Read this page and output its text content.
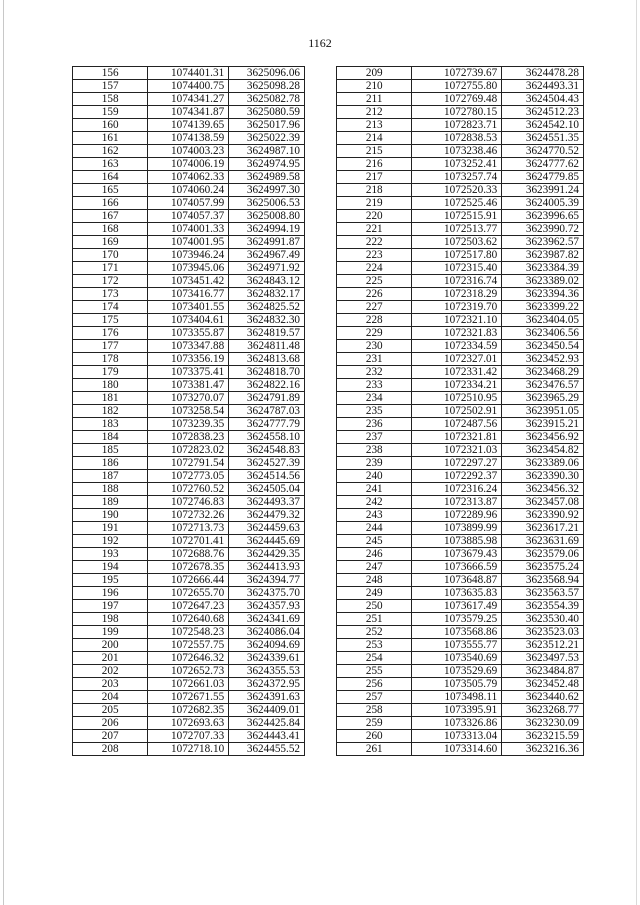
1162
156	1074401.31	3625096.06
157	1074400.75	3625098.28
158	1074341.27	3625082.78
159	1074341.87	3625080.59
160	1074139.65	3625017.96
161	1074138.59	3625022.39
162	1074003.23	3624987.10
163	1074006.19	3624974.95
164	1074062.33	3624989.58
165	1074060.24	3624997.30
166	1074057.99	3625006.53
167	1074057.37	3625008.80
168	1074001.33	3624994.19
169	1074001.95	3624991.87
170	1073946.24	3624967.49
171	1073945.06	3624971.92
172	1073451.42	3624843.12
173	1073416.77	3624832.17
174	1073401.55	3624825.52
175	1073404.61	3624832.30
176	1073355.87	3624819.57
177	1073347.88	3624811.48
178	1073356.19	3624813.68
179	1073375.41	3624818.70
180	1073381.47	3624822.16
181	1073270.07	3624791.89
182	1073258.54	3624787.03
183	1073239.35	3624777.79
184	1072838.23	3624558.10
185	1072823.02	3624548.83
186	1072791.54	3624527.39
187	1072773.05	3624514.56
188	1072760.52	3624505.04
189	1072746.83	3624493.37
190	1072732.26	3624479.32
191	1072713.73	3624459.63
192	1072701.41	3624445.69
193	1072688.76	3624429.35
194	1072678.35	3624413.93
195	1072666.44	3624394.77
196	1072655.70	3624375.70
197	1072647.23	3624357.93
198	1072640.68	3624341.69
199	1072548.23	3624086.04
200	1072557.75	3624094.69
201	1072646.32	3624339.61
202	1072652.73	3624355.53
203	1072661.03	3624372.95
204	1072671.55	3624391.63
205	1072682.35	3624409.01
206	1072693.63	3624425.84
207	1072707.33	3624443.41
208	1072718.10	3624455.52
209	1072739.67	3624478.28
210	1072755.80	3624493.31
211	1072769.48	3624504.43
212	1072780.15	3624512.23
213	1072823.71	3624542.10
214	1072838.53	3624551.35
215	1073238.46	3624770.52
216	1073252.41	3624777.62
217	1073257.74	3624779.85
218	1072520.33	3623991.24
219	1072525.46	3624005.39
220	1072515.91	3623996.65
221	1072513.77	3623990.72
222	1072503.62	3623962.57
223	1072517.80	3623987.82
224	1072315.40	3623384.39
225	1072316.74	3623389.02
226	1072318.29	3623394.36
227	1072319.70	3623399.22
228	1072321.10	3623404.05
229	1072321.83	3623406.56
230	1072334.59	3623450.54
231	1072327.01	3623452.93
232	1072331.42	3623468.29
233	1072334.21	3623476.57
234	1072510.95	3623965.29
235	1072502.91	3623951.05
236	1072487.56	3623915.21
237	1072321.81	3623456.92
238	1072321.03	3623454.82
239	1072297.27	3623389.06
240	1072292.37	3623390.30
241	1072316.24	3623456.32
242	1072313.87	3623457.08
243	1072289.96	3623390.92
244	1073899.99	3623617.21
245	1073885.98	3623631.69
246	1073679.43	3623579.06
247	1073666.59	3623575.24
248	1073648.87	3623568.94
249	1073635.83	3623563.57
250	1073617.49	3623554.39
251	1073579.25	3623530.40
252	1073568.86	3623523.03
253	1073555.77	3623512.21
254	1073540.69	3623497.53
255	1073529.69	3623484.87
256	1073505.79	3623452.48
257	1073498.11	3623440.62
258	1073395.91	3623268.77
259	1073326.86	3623230.09
260	1073313.04	3623215.59
261	1073314.60	3623216.36
